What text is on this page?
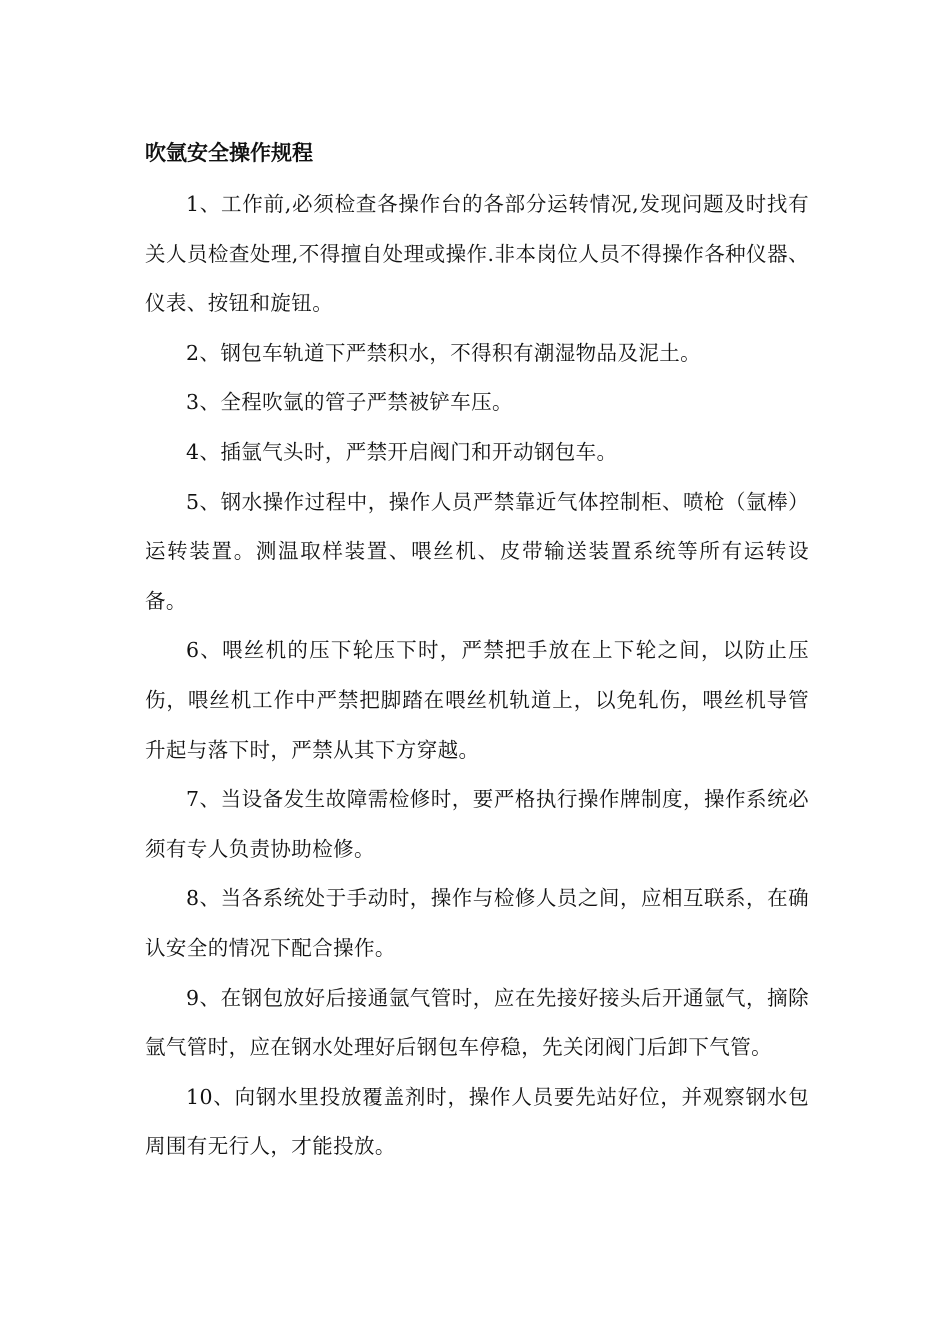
吹氩安全操作规程
1、工作前,必须检查各操作台的各部分运转情况,发现问题及时找有关人员检查处理,不得擅自处理或操作.非本岗位人员不得操作各种仪器、仪表、按钮和旋钮。
2、钢包车轨道下严禁积水，不得积有潮湿物品及泥土。
3、全程吹氩的管子严禁被铲车压。
4、插氩气头时，严禁开启阀门和开动钢包车。
5、钢水操作过程中，操作人员严禁靠近气体控制柜、喷枪（氩棒）运转装置。测温取样装置、喂丝机、皮带输送装置系统等所有运转设备。
6、喂丝机的压下轮压下时，严禁把手放在上下轮之间，以防止压伤，喂丝机工作中严禁把脚踏在喂丝机轨道上，以免轧伤，喂丝机导管升起与落下时，严禁从其下方穿越。
7、当设备发生故障需检修时，要严格执行操作牌制度，操作系统必须有专人负责协助检修。
8、当各系统处于手动时，操作与检修人员之间，应相互联系，在确认安全的情况下配合操作。
9、在钢包放好后接通氩气管时，应在先接好接头后开通氩气，摘除氩气管时，应在钢水处理好后钢包车停稳，先关闭阀门后卸下气管。
10、向钢水里投放覆盖剂时，操作人员要先站好位，并观察钢水包周围有无行人，才能投放。
